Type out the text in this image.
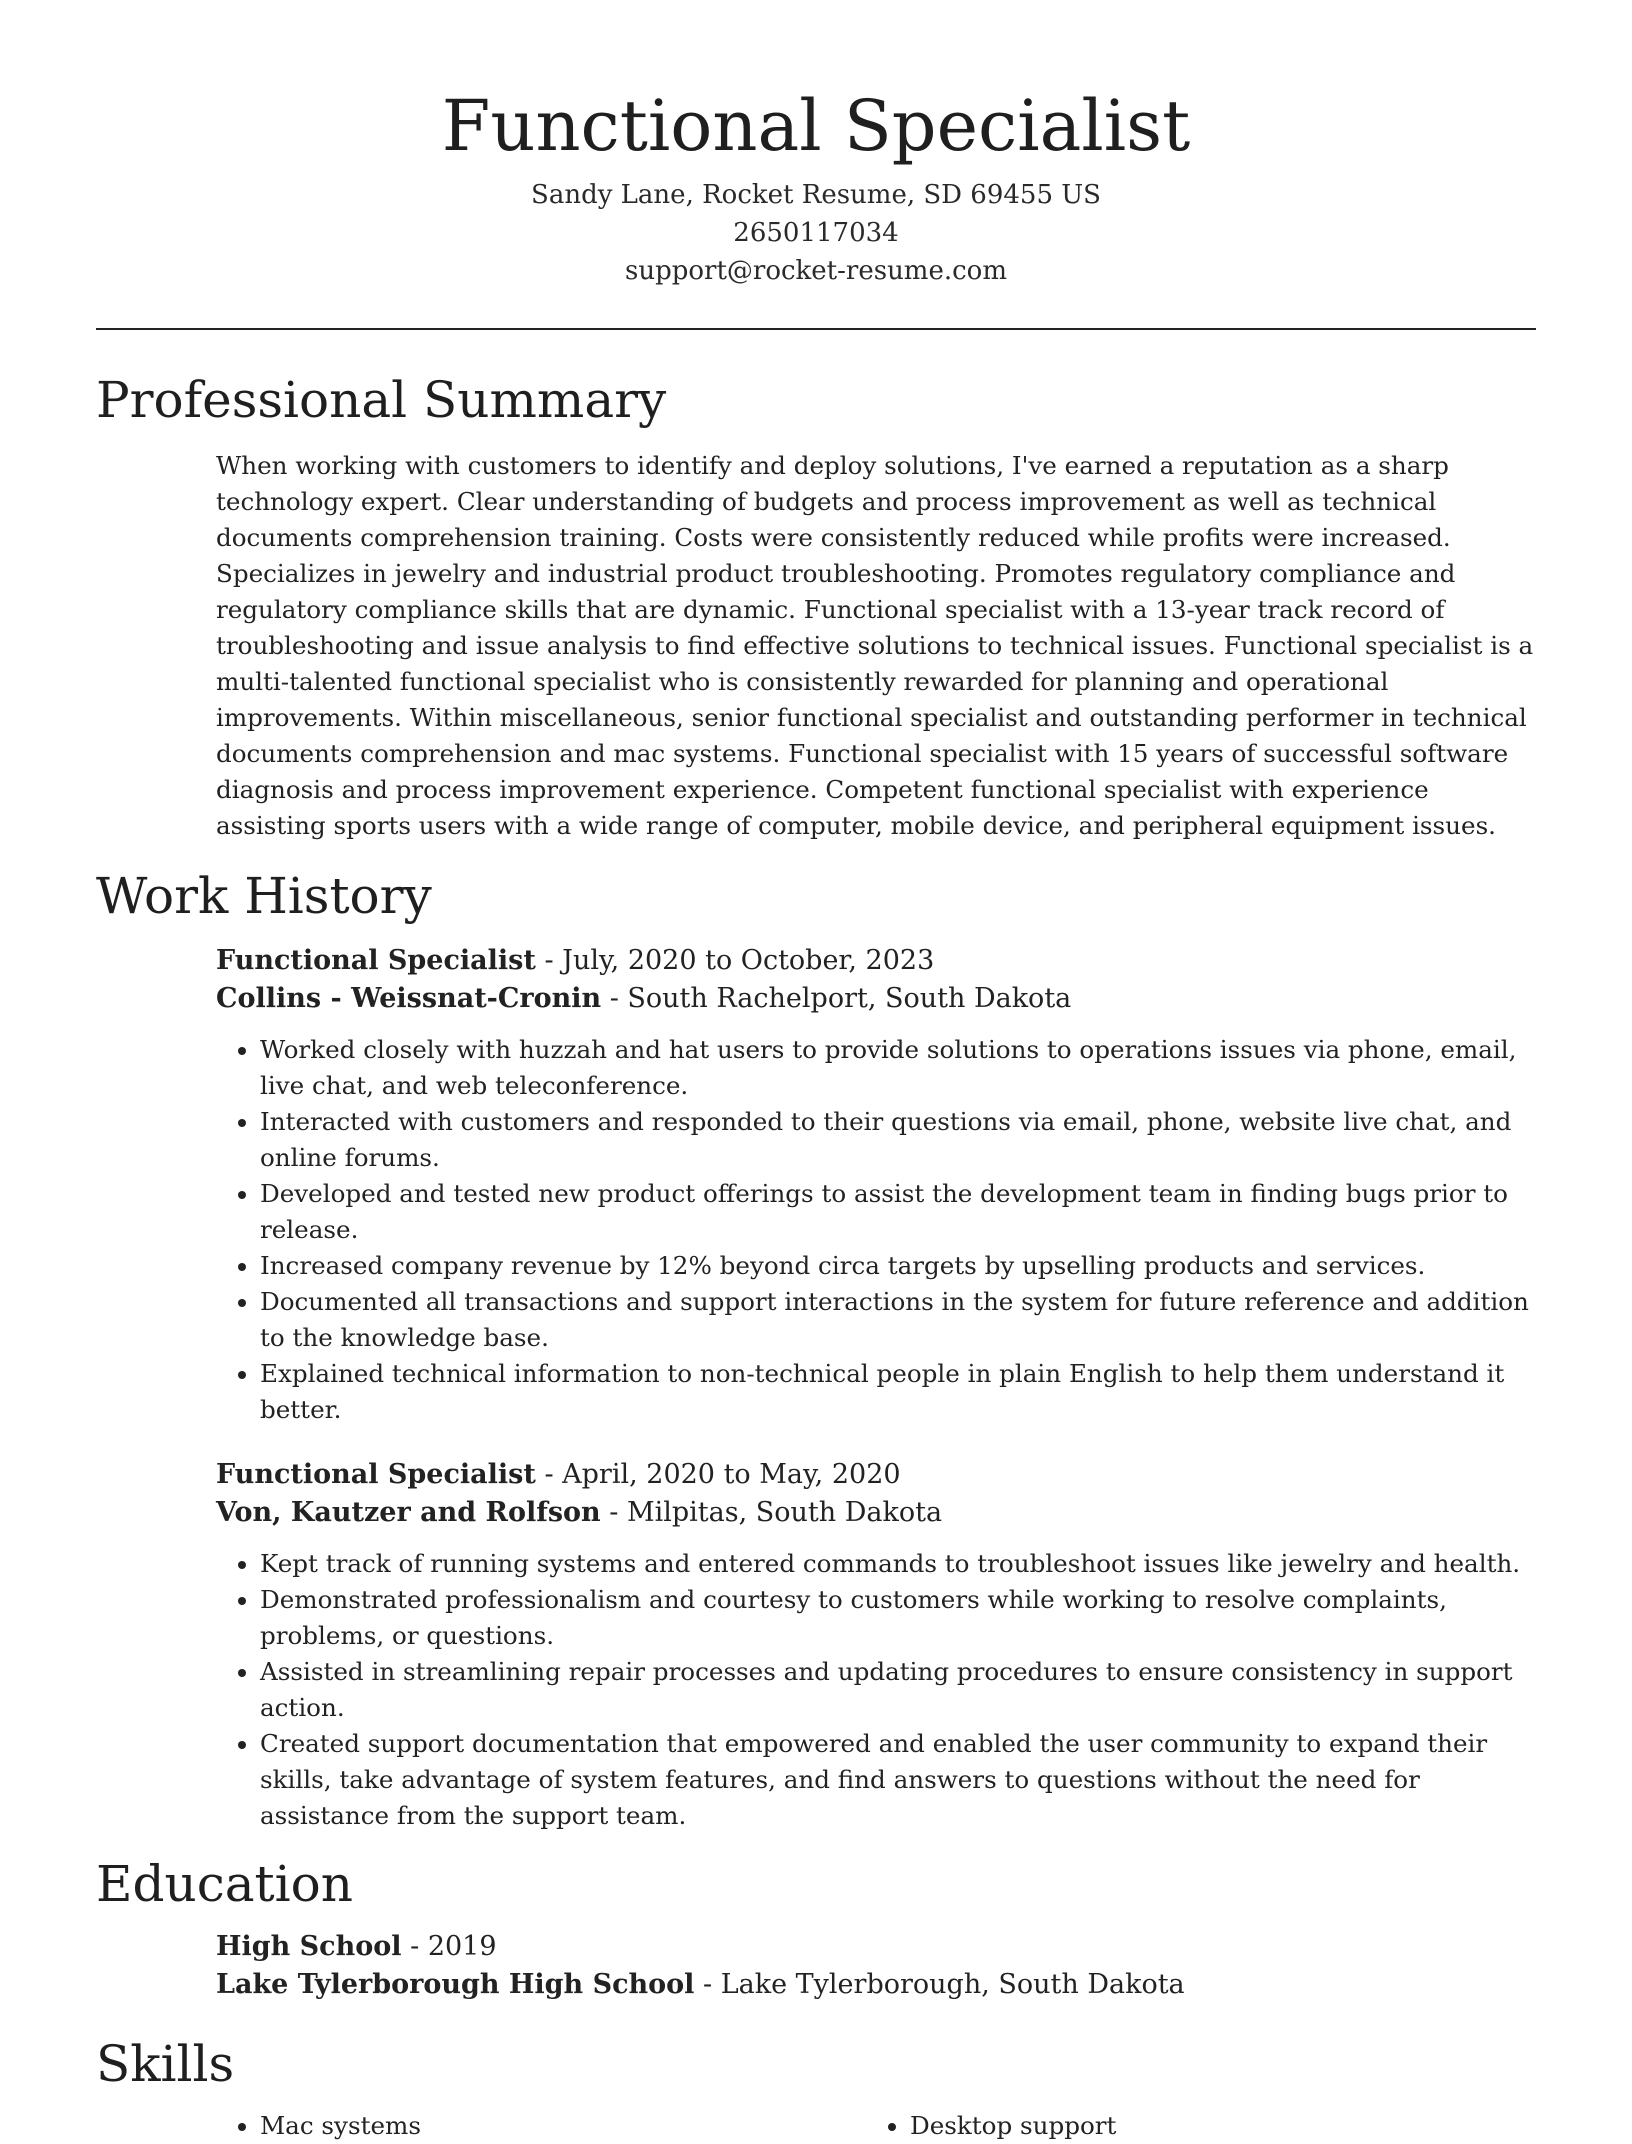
Functional Specialist
Sandy Lane, Rocket Resume, SD 69455 US
2650117034
support@rocket-resume.com
Professional Summary

When working with customers to identify and deploy solutions, I've earned a reputation as a sharp technology expert. Clear understanding of budgets and process improvement as well as technical documents comprehension training. Costs were consistently reduced while profits were increased. Specializes in jewelry and industrial product troubleshooting. Promotes regulatory compliance and regulatory compliance skills that are dynamic. Functional specialist with a 13-year track record of troubleshooting and issue analysis to find effective solutions to technical issues. Functional specialist is a multi-talented functional specialist who is consistently rewarded for planning and operational improvements. Within miscellaneous, senior functional specialist and outstanding performer in technical documents comprehension and mac systems. Functional specialist with 15 years of successful software diagnosis and process improvement experience. Competent functional specialist with experience assisting sports users with a wide range of computer, mobile device, and peripheral equipment issues.

Work History
Functional Specialist - July, 2020 to October, 2023
Collins - Weissnat-Cronin - South Rachelport, South Dakota
• Worked closely with huzzah and hat users to provide solutions to operations issues via phone, email, live chat, and web teleconference.
• Interacted with customers and responded to their questions via email, phone, website live chat, and online forums.
• Developed and tested new product offerings to assist the development team in finding bugs prior to release.
• Increased company revenue by 12% beyond circa targets by upselling products and services.
• Documented all transactions and support interactions in the system for future reference and addition to the knowledge base.
• Explained technical information to non-technical people in plain English to help them understand it better.
Functional Specialist - April, 2020 to May, 2020
Von, Kautzer and Rolfson - Milpitas, South Dakota
• Kept track of running systems and entered commands to troubleshoot issues like jewelry and health.
• Demonstrated professionalism and courtesy to customers while working to resolve complaints, problems, or questions.
• Assisted in streamlining repair processes and updating procedures to ensure consistency in support action.
• Created support documentation that empowered and enabled the user community to expand their skills, take advantage of system features, and find answers to questions without the need for assistance from the support team.
Education
High School - 2019
Lake Tylerborough High School - Lake Tylerborough, South Dakota
Skills
• Mac systems
•	Desktop support
